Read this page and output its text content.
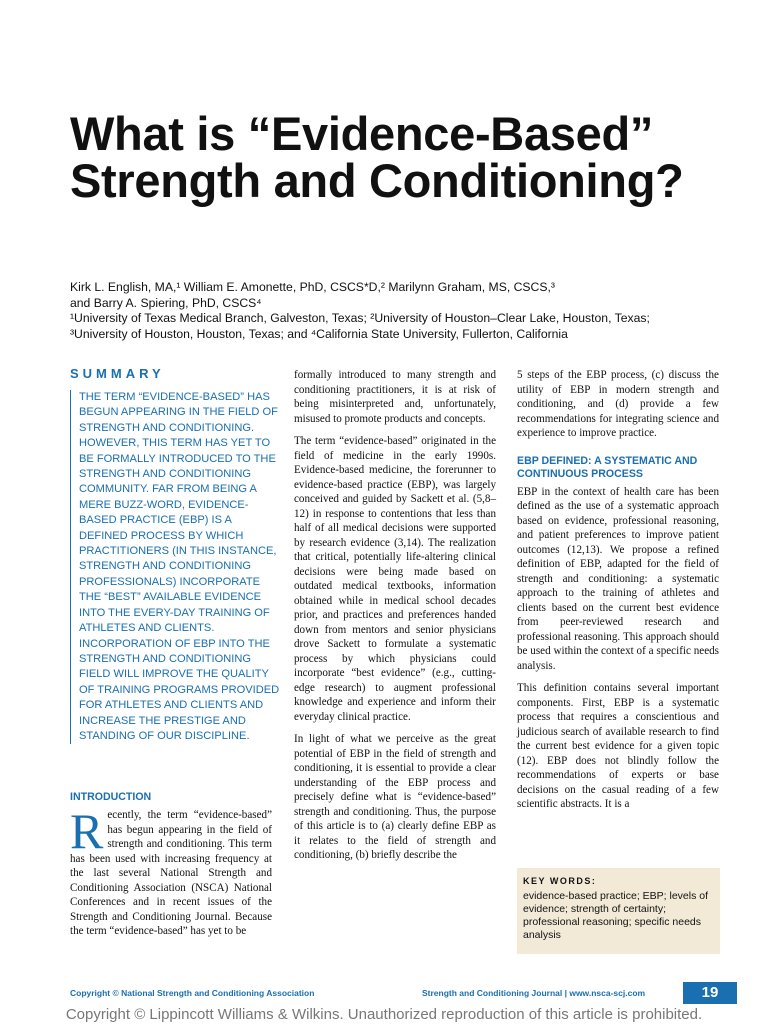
What is “Evidence-Based” Strength and Conditioning?

Kirk L. English, MA,¹ William E. Amonette, PhD, CSCS*D,² Marilynn Graham, MS, CSCS,³

and Barry A. Spiering, PhD, CSCS⁴

¹University of Texas Medical Branch, Galveston, Texas; ²University of Houston–Clear Lake, Houston, Texas;

³University of Houston, Houston, Texas; and ⁴California State University, Fullerton, California

SUMMARY

THE TERM “EVIDENCE-BASED” HAS BEGUN APPEARING IN THE FIELD OF STRENGTH AND CONDITIONING. HOWEVER, THIS TERM HAS YET TO BE FORMALLY INTRODUCED TO THE STRENGTH AND CONDITIONING COMMUNITY. FAR FROM BEING A MERE BUZZ-WORD, EVIDENCE-BASED PRACTICE (EBP) IS A DEFINED PROCESS BY WHICH PRACTITIONERS (IN THIS INSTANCE, STRENGTH AND CONDITIONING PROFESSIONALS) INCORPORATE THE “BEST” AVAILABLE EVIDENCE INTO THE EVERY-DAY TRAINING OF ATHLETES AND CLIENTS. INCORPORATION OF EBP INTO THE STRENGTH AND CONDITIONING FIELD WILL IMPROVE THE QUALITY OF TRAINING PROGRAMS PROVIDED FOR ATHLETES AND CLIENTS AND INCREASE THE PRESTIGE AND STANDING OF OUR DISCIPLINE.

INTRODUCTION

Recently, the term “evidence-based” has begun appearing in the field of strength and conditioning. This term has been used with increasing frequency at the last several National Strength and Conditioning Association (NSCA) National Conferences and in recent issues of the Strength and Conditioning Journal. Because the term “evidence-based” has yet to be

formally introduced to many strength and conditioning practitioners, it is at risk of being misinterpreted and, unfortunately, misused to promote products and concepts.

The term “evidence-based” originated in the field of medicine in the early 1990s. Evidence-based medicine, the forerunner to evidence-based practice (EBP), was largely conceived and guided by Sackett et al. (5,8–12) in response to contentions that less than half of all medical decisions were supported by research evidence (3,14). The realization that critical, potentially life-altering clinical decisions were being made based on outdated medical textbooks, information obtained while in medical school decades prior, and practices and preferences handed down from mentors and senior physicians drove Sackett to formulate a systematic process by which physicians could incorporate “best evidence” (e.g., cutting-edge research) to augment professional knowledge and experience and inform their everyday clinical practice.

In light of what we perceive as the great potential of EBP in the field of strength and conditioning, it is essential to provide a clear understanding of the EBP process and precisely define what is “evidence-based” strength and conditioning. Thus, the purpose of this article is to (a) clearly define EBP as it relates to the field of strength and conditioning, (b) briefly describe the

5 steps of the EBP process, (c) discuss the utility of EBP in modern strength and conditioning, and (d) provide a few recommendations for integrating science and experience to improve practice.

EBP DEFINED: A SYSTEMATIC AND CONTINUOUS PROCESS

EBP in the context of health care has been defined as the use of a systematic approach based on evidence, professional reasoning, and patient preferences to improve patient outcomes (12,13). We propose a refined definition of EBP, adapted for the field of strength and conditioning: a systematic approach to the training of athletes and clients based on the current best evidence from peer-reviewed research and professional reasoning. This approach should be used within the context of a specific needs analysis.

This definition contains several important components. First, EBP is a systematic process that requires a conscientious and judicious search of available research to find the current best evidence for a given topic (12). EBP does not blindly follow the recommendations of experts or base decisions on the casual reading of a few scientific abstracts. It is a

KEY WORDS:

evidence-based practice; EBP; levels of evidence; strength of certainty; professional reasoning; specific needs analysis

Copyright © National Strength and Conditioning Association	Strength and Conditioning Journal | www.nsca-scj.com	19
Copyright © Lippincott Williams & Wilkins. Unauthorized reproduction of this article is prohibited.
